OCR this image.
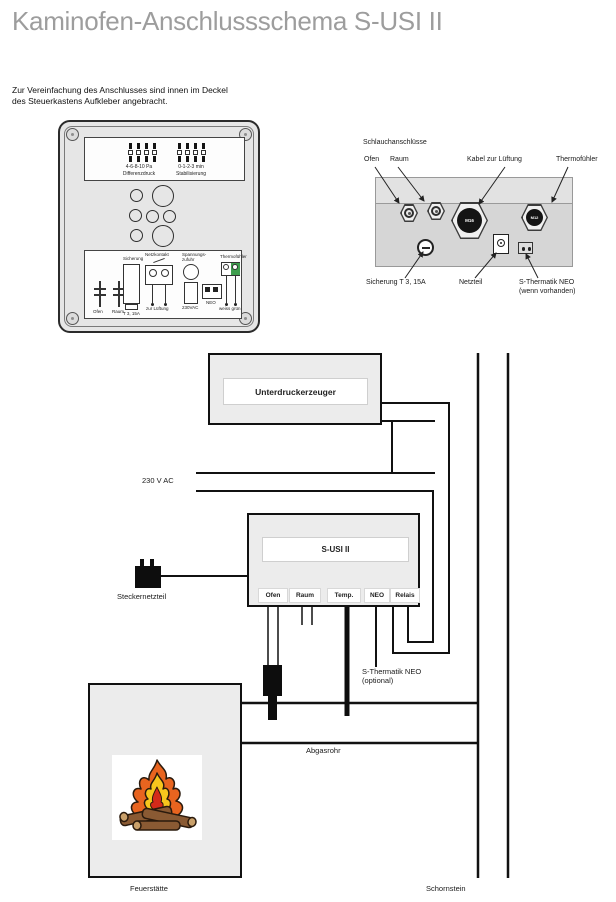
Kaminofen-Anschlussschema S-USI II
Zur Vereinfachung des Anschlusses sind innen im Deckel
des Steuerkastens Aufkleber angebracht.
4-6-8-10 Pa
Differenzdruck
0-1-2-3 min
Stabilisierung
Ofen Raum
Sicherung
T 3, 15A
Netzkontakt
zur Lüftung
Spannungs-
zufuhr
230VAC
NEO
Thermofühler
weiss grün
M16
M12
Schlauchanschlüsse
Ofen Raum	Kabel zur Lüftung	Thermofühler
Sicherung T 3, 15A	Netzteil	S-Thermatik NEO
(wenn vorhanden)
Unterdruckerzeuger
S-USI II
Ofen	Raum	Temp.	NEO	Relais
230 V AC
Steckernetzteil
S-Thermatik NEO
(optional)
Abgasrohr
Feuerstätte	Schornstein
